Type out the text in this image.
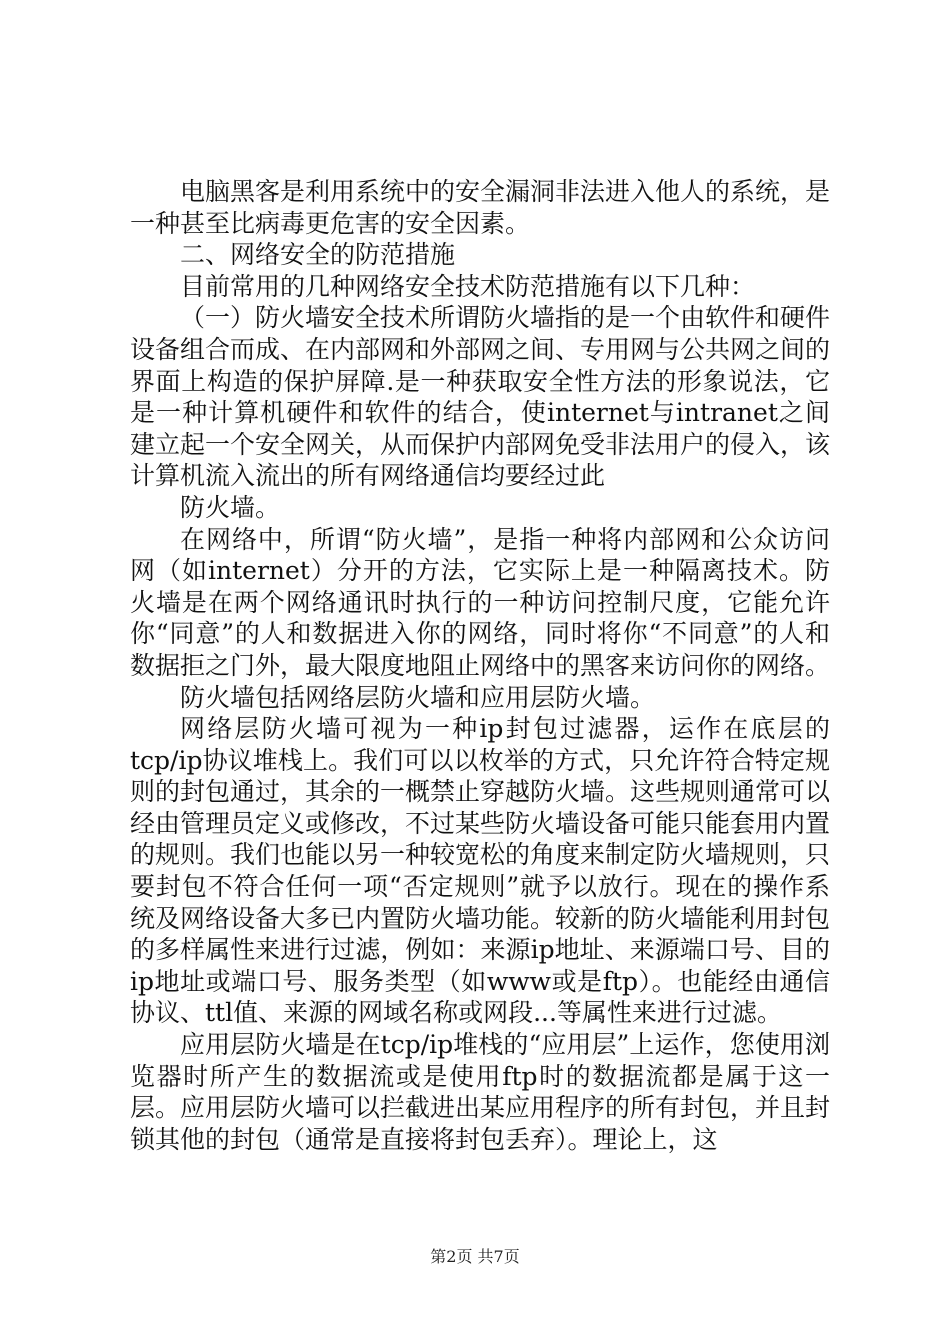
电脑黑客是利用系统中的安全漏洞非法进入他人的系统，是一种甚至比病毒更危害的安全因素。

二、网络安全的防范措施

目前常用的几种网络安全技术防范措施有以下几种：

（一）防火墙安全技术所谓防火墙指的是一个由软件和硬件设备组合而成、在内部网和外部网之间、专用网与公共网之间的界面上构造的保护屏障.是一种获取安全性方法的形象说法，它是一种计算机硬件和软件的结合，使internet与intranet之间建立起一个安全网关，从而保护内部网免受非法用户的侵入，该计算机流入流出的所有网络通信均要经过此

防火墙。

在网络中，所谓“防火墙”，是指一种将内部网和公众访问网（如internet）分开的方法，它实际上是一种隔离技术。防火墙是在两个网络通讯时执行的一种访问控制尺度，它能允许你“同意”的人和数据进入你的网络，同时将你“不同意”的人和数据拒之门外，最大限度地阻止网络中的黑客来访问你的网络。

防火墙包括网络层防火墙和应用层防火墙。

网络层防火墙可视为一种ip封包过滤器，运作在底层的tcp/ip协议堆栈上。我们可以以枚举的方式，只允许符合特定规则的封包通过，其余的一概禁止穿越防火墙。这些规则通常可以经由管理员定义或修改，不过某些防火墙设备可能只能套用内置的规则。我们也能以另一种较宽松的角度来制定防火墙规则，只要封包不符合任何一项“否定规则”就予以放行。现在的操作系统及网络设备大多已内置防火墙功能。较新的防火墙能利用封包的多样属性来进行过滤，例如：来源ip地址、来源端口号、目的ip地址或端口号、服务类型（如www或是ftp）。也能经由通信协议、ttl值、来源的网域名称或网段...等属性来进行过滤。

应用层防火墙是在tcp/ip堆栈的“应用层”上运作，您使用浏览器时所产生的数据流或是使用ftp时的数据流都是属于这一层。应用层防火墙可以拦截进出某应用程序的所有封包，并且封锁其他的封包（通常是直接将封包丢弃）。理论上，这

第2页 共7页
